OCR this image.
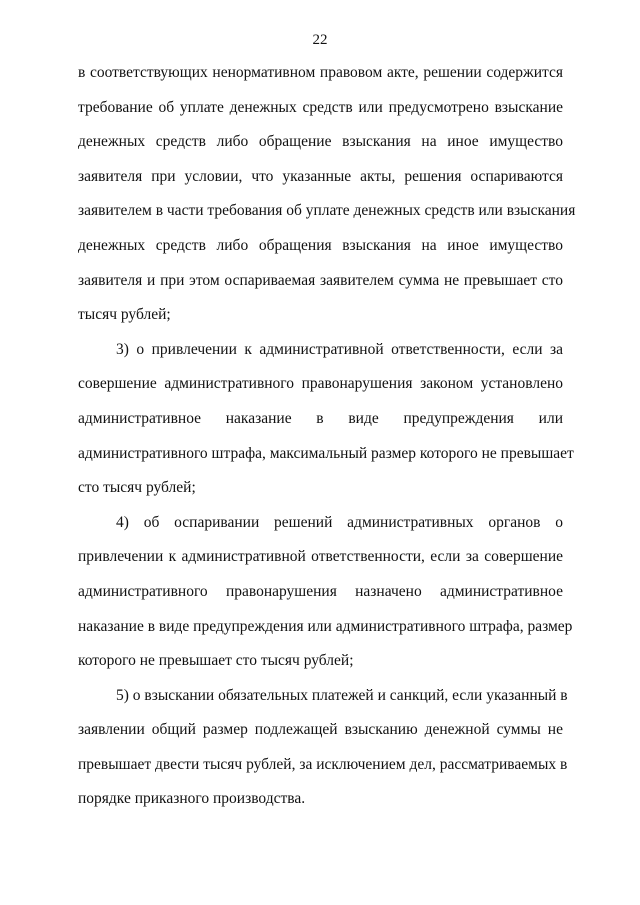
22
в соответствующих ненормативном правовом акте, решении содержится
требование об уплате денежных средств или предусмотрено взыскание
денежных средств либо обращение взыскания на иное имущество
заявителя при условии, что указанные акты, решения оспариваются
заявителем в части требования об уплате денежных средств или взыскания
денежных средств либо обращения взыскания на иное имущество
заявителя и при этом оспариваемая заявителем сумма не превышает сто
тысяч рублей;
3) о привлечении к административной ответственности, если за
совершение административного правонарушения законом установлено
административное наказание в виде предупреждения или
административного штрафа, максимальный размер которого не превышает
сто тысяч рублей;
4) об оспаривании решений административных органов о
привлечении к административной ответственности, если за совершение
административного правонарушения назначено административное
наказание в виде предупреждения или административного штрафа, размер
которого не превышает сто тысяч рублей;
5) о взыскании обязательных платежей и санкций, если указанный в
заявлении общий размер подлежащей взысканию денежной суммы не
превышает двести тысяч рублей, за исключением дел, рассматриваемых в
порядке приказного производства.
